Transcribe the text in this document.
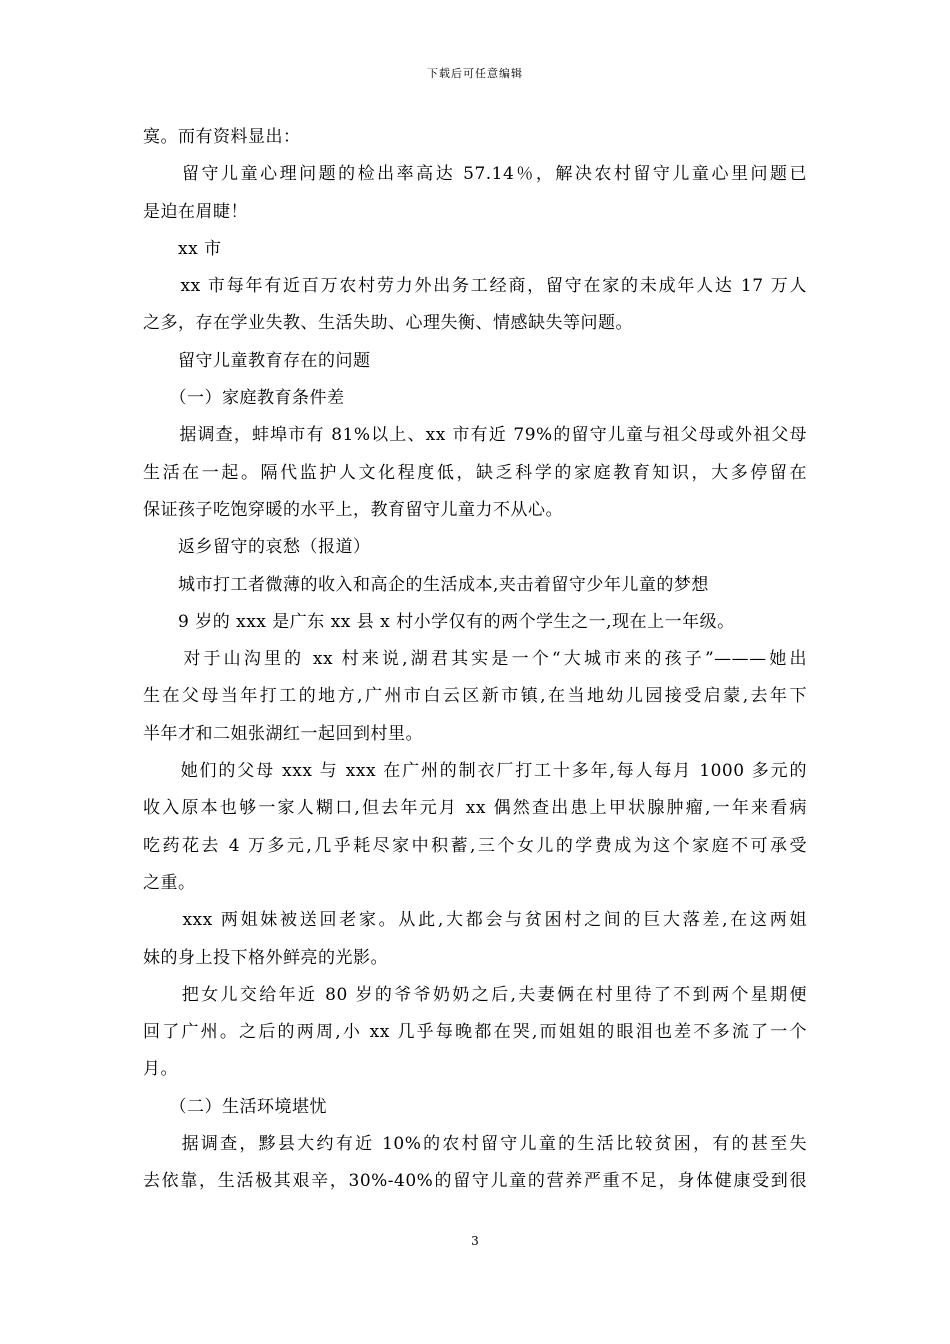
下载后可任意编辑
寞。而有资料显出：
　　留守儿童心理问题的检出率高达 57.14％，解决农村留守儿童心里问题已
是迫在眉睫！
　　xx 市
　　xx 市每年有近百万农村劳力外出务工经商，留守在家的未成年人达 17 万人
之多，存在学业失教、生活失助、心理失衡、情感缺失等问题。
　　留守儿童教育存在的问题
　　（一）家庭教育条件差
　　据调查，蚌埠市有 81%以上、xx 市有近 79%的留守儿童与祖父母或外祖父母
生活在一起。隔代监护人文化程度低，缺乏科学的家庭教育知识，大多停留在
保证孩子吃饱穿暖的水平上，教育留守儿童力不从心。
　　返乡留守的哀愁（报道）
　　城市打工者微薄的收入和高企的生活成本,夹击着留守少年儿童的梦想
　　9 岁的 xxx 是广东 xx 县 x 村小学仅有的两个学生之一,现在上一年级。
　　对于山沟里的 xx 村来说,湖君其实是一个“大城市来的孩子”———她出
生在父母当年打工的地方,广州市白云区新市镇,在当地幼儿园接受启蒙,去年下
半年才和二姐张湖红一起回到村里。
　　她们的父母 xxx 与 xxx 在广州的制衣厂打工十多年,每人每月 1000 多元的
收入原本也够一家人糊口,但去年元月 xx 偶然查出患上甲状腺肿瘤,一年来看病
吃药花去 4 万多元,几乎耗尽家中积蓄,三个女儿的学费成为这个家庭不可承受
之重。
　　xxx 两姐妹被送回老家。从此,大都会与贫困村之间的巨大落差,在这两姐
妹的身上投下格外鲜亮的光影。
　　把女儿交给年近 80 岁的爷爷奶奶之后,夫妻俩在村里待了不到两个星期便
回了广州。之后的两周,小 xx 几乎每晚都在哭,而姐姐的眼泪也差不多流了一个
月。
　　（二）生活环境堪忧
　　据调查，黟县大约有近 10%的农村留守儿童的生活比较贫困，有的甚至失
去依靠，生活极其艰辛，30%-40%的留守儿童的营养严重不足，身体健康受到很
3
